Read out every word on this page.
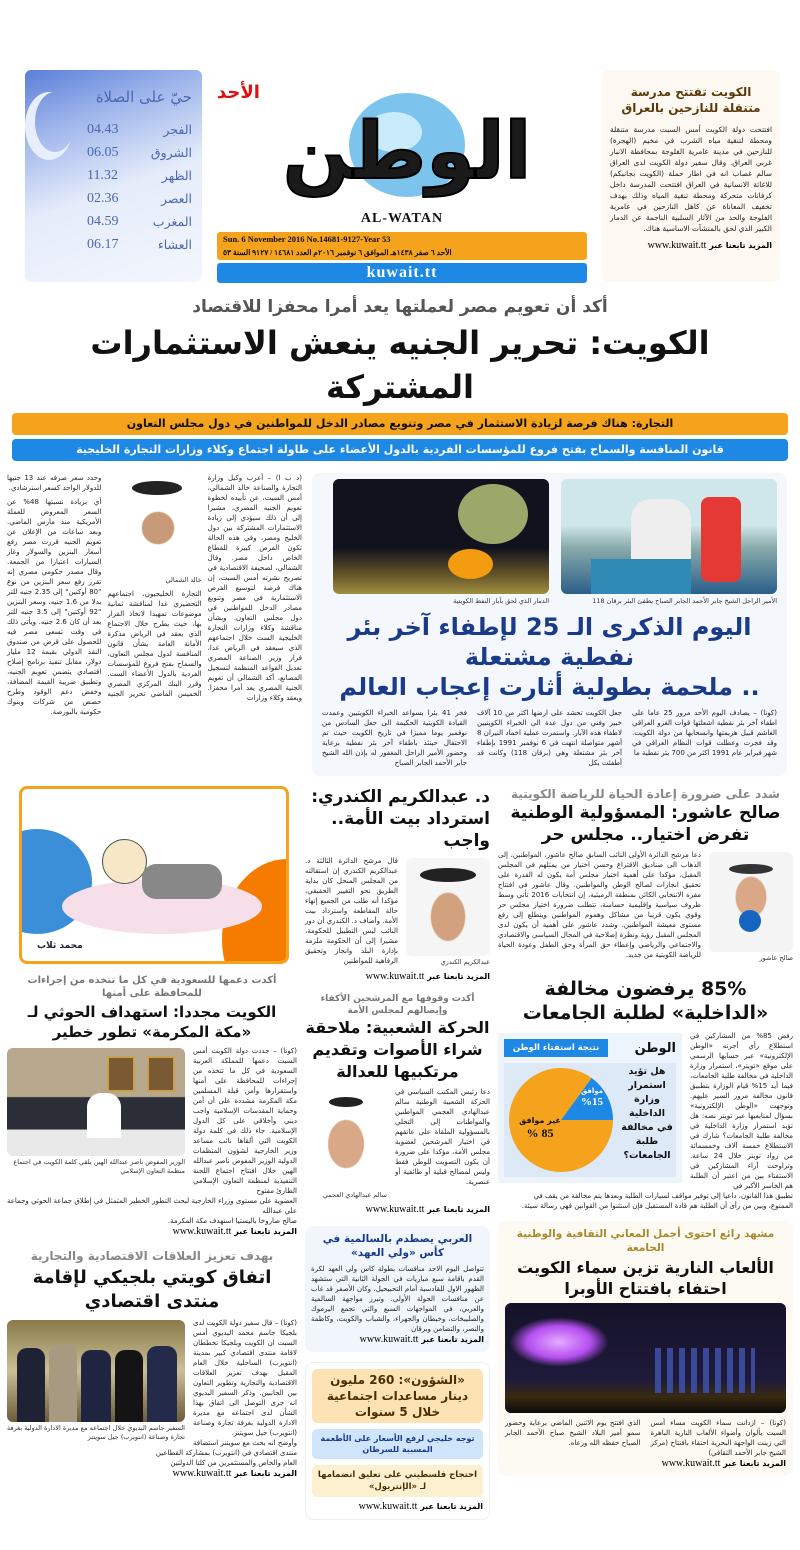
حيّ على الصلاة
الفجر
04.43
الشروق
06.05
الظهر
11.32
العصر
02.36
المغرب
04.59
العشاء
06.17
الأحد
الوطن
AL-WATAN
Sun. 6 November 2016 No.14681-9127-Year 53
الأحد ٦ صفر ١٤٣٨هـ الموافق ٦ نوفمبر ٢٠١٦م العدد ١٤٦٨١ / ٩١٢٧ السنة ٥٣
kuwait.tt
الكويت تفتتح مدرسة متنقلة للنازحين بالعراق
افتتحت دولة الكويت أمس السبت مدرسة متنقلة ومحطة لتنقية مياه الشرب في مخيم (الهجرة) للنازحين في مدينة عامرية الفلوجة بمحافظة الانبار غربي العراق. وقال سفير دولة الكويت لدى العراق سالم غصاب انه في اطار حملة (الكويت بجانبكم) للاغاثة الانسانية في العراق افتتحت المدرسة داخل كرفانات متحركة ومحطة تنقية المياه وذلك بهدف تخفيف المعاناة عن كاهل النازحين في عامرية الفلوجة والحد من الآثار السلبية الناجمة عن الدمار الكبير الذي لحق بالمنشآت الاساسية هناك.
المزيد تابعنا عبر www.kuwait.tt
أكد أن تعويم مصر لعملتها يعد أمرا محفزا للاقتصاد
الكويت: تحرير الجنيه ينعش الاستثمارات المشتركة
التجارة: هناك فرصة لزيادة الاستثمار في مصر وتنويع مصادر الدخل للمواطنين في دول مجلس التعاون
قانون المنافسة والسماح بفتح فروع للمؤسسات الفردية بالدول الأعضاء على طاولة اجتماع وكلاء وزارات التجارة الخليجية
(د ب ا) – أعرب وكيل وزارة التجارة والصناعة خالد الشمالي، أمس السبت، عن تأييده لخطوة تعويم الجنيه المصري، مشيرا إلى أن ذلك سيؤدي إلى زيادة الاستثمارات المشتركة بين دول الخليج ومصر، وفي هذه الحالة تكون الفرص كبيرة للقطاع الخاص داخل مصر. وقال الشمالي، لصحيفة الاقتصادية في تصريح نشرته أمس السبت، إن هناك فرصة لتوسيع الفرص الاستثمارية في مصر وتنويع مصادر الدخل للمواطنين في دول مجلس التعاون. وبشأن مناقشة وكلاء وزارات التجارة الخليجية الست خلال اجتماعهم الذي سيعقد في الرياض غدا، قرار وزير الصناعة المصري تعديل القواعد المنظمة لتسجيل المصانع، أكد الشمالي أن تعويم الجنية المصري يعد أمرا محفزا. ويعقد وكلاء وزارات
خالد الشمالي
التجارة الخليجيون، اجتماعهم التحضيري غدا لمناقشة ثمانية موضوعات تمهيدا لاتخاذ القرار بها، حيث يطرح خلال الاجتماع الذي يعقد في الرياض مذكرة الأمانة العامة بشأن قانون المنافسة لدول مجلس التعاون، والسماح بفتح فروع للمؤسسات الفردية بالدول الأعضاء الست. وقرر البنك المركزي المصري الخميس الماضي تحرير الجنيه وحدد سعر صرفه عند 13 جنيها للدولار الواحد كسعر استرشادي.
أي بزيادة نسبتها 48% عن السعر المعروض للعملة الأمريكية منذ مارس الماضي. وبعد ساعات من الإعلان عن تعويم الجنيه قررت مصر رفع أسعار البنزين والسولار وغاز السيارات اعتبارا من الجمعة. وقال مصدر حكومي مصري إنه تقرر رفع سعر البنزين من نوع "80 أوكتين" إلى 2.35 جنيه للتر بدلا من 1.6 جنيه، وسعر البنزين "92 أوكتين" إلى 3.5 جنيه للتر بعد أن كان 2.6 جنيه. ويأتي ذلك في وقت تسعى مصر فيه للحصول على قرض من صندوق النقد الدولي بقيمة 12 مليار دولار، مقابل تنفيذ برنامج إصلاح اقتصادي يتضمن تعويم الجنيه، وتطبيق ضريبة القيمة المضافة، وخفض دعم الوقود وطرح حصص من شركات وبنوك حكومية بالبورصة.
الأمير الراحل الشيخ جابر الأحمد الجابر الصباح يطفئ البئر برقان 118
الدمار الذي لحق بآبار النفط الكويتية
اليوم الذكرى الـ 25 لإطفاء آخر بئر نفطية مشتعلة
.. ملحمة بطولية أثارت إعجاب العالم
(كونا) – يصادف اليوم الأحد مرور 25 عاما على اطفاء آخر بئر نفطية اشعلتها قوات الغزو العراقي الغاشم قبيل هزيمتها وانسحابها من دولة الكويت. وقد فجرت وعطلت قوات النظام العراقي في شهر فبراير عام 1991 اكثر من 700 بئر نفطية ما
جعل الكويت تحشد على ارضها اكثر من 10 آلاف خبير وفني من دول عدة الى الخبراء الكويتيين لاطفاء هذه الآبار. واستمرت عملية اخماد النيران 8 أشهر متواصلة انتهت في 6 نوفمبر 1991 بإطفاء آخر بئر مشتعلة وهي (برقان 118) وكانت قد أطفئت بكل
فخر 41 بئرا بسواعد الخبراء الكويتيين وعمدت القيادة الكويتية الحكيمة الى جعل السادس من نوفمبر يوما مميزا في تاريخ الكويت حيث تم الاحتفال حينئذ باطفاء آخر بئر نفطية برعاية وحضور الأمير الراحل المغفور له بإذن الله الشيخ جابر الأحمد الجابر الصباح
محمد ثلاب
أكدت دعمها للسعودية في كل ما تتخذه من إجراءات للمحافظة على أمنها
الكويت مجددا: استهداف الحوثي لـ «مكة المكرمة» تطور خطير
الوزير المفوض ناصر عبدالله الهين يلقي كلمة الكويت في اجتماع منظمة التعاون الإسلامي
(كونا) – جددت دولة الكويت أمس السبت دعمها للمملكة العربية السعودية في كل ما تتخذه من إجراءات للمحافظة على أمنها واستقرارها وأمن قبلة المسلمين مكة المكرمة مشددة على أن أمن وحماية المقدسات الإسلامية واجب ديني وأخلاقي على كل الدول الإسلامية. جاء ذلك في كلمة دولة الكويت التي ألقاها نائب مساعد وزير الخارجية لشؤون المنظمات الدولية الوزير المفوض ناصر عبدالله الهين خلال افتتاح اجتماع اللجنة التنفيذية لمنظمة التعاون الإسلامي الطارئ مفتوح
العضوية على مستوى وزراء الخارجية لبحث التطور الخطير المتمثل في إطلاق جماعة الحوثي وجماعة علي عبدالله
صالح صاروخا باليستيا استهدف مكة المكرمة.
المزيد تابعنا عبر www.kuwait.tt
بهدف تعزيز العلاقات الاقتصادية والتجارية
اتفاق كويتي بلجيكي لإقامة منتدى اقتصادي
السفير جاسم البديوي خلال اجتماعه مع مديرة الادارة الدولية بغرفة تجارة وصناعة (انتويرب) جيل سويتنز
(كونا) – قال سفير دولة الكويت لدى بلجيكا جاسم محمد البديوي أمس السبت ان الكويت وبلجيكا تخططان لاقامة منتدى اقتصادي كبير بمدينة (انتويرب) الساحلية خلال العام المقبل بهدف تعزيز العلاقات الاقتصادية والتجارية وتطوير التعاون بين الجانبين. وذكر السفير البديوي انه جرى التوصل الى اتفاق بهذا الشأن لدى اجتماعه مع مديرة الادارة الدولية بغرفة تجارة وصناعة (انتويرب) جيل سويتنز.
وأوضح انه بحث مع سويتنز استضافة منتدى اقتصادي في (انتويرب) بمشاركة القطاعين
العام والخاص والمستثمرين من كلتا الدولتين
المزيد تابعنا عبر www.kuwait.tt
د. عبدالكريم الكندري:
استرداد بيت الأمة.. واجب
عبدالكريم الكندري
قال مرشح الدائرة الثالثة د. عبدالكريم الكندري إن استقالته من المجلس المنحل كان بداية الطريق نحو التغيير الحقيقي، مؤكدا أنه طلب من الجميع إنهاء حالة المقاطعة واسترداد بيت الأمة. وأضاف د. الكندري أن دور النائب ليس التطبيل للحكومة، مشيرا إلى أن الحكومة ملزمة بإدارة البلد وانجاز وتحقيق الرفاهية للمواطنين
المزيد تابعنا عبر www.kuwait.tt
أكدت وقوفها مع المرشحين الأكفاء وإيصالهم لمجلس الأمة
الحركة الشعبية: ملاحقة شراء الأصوات وتقديم مرتكبيها للعدالة
سالم عبدالهادي العجمي
دعا رئيس المكتب السياسي في الحركة الشعبية الوطنية سالم عبدالهادي العجمي المواطنين والمواطنات إلى التحلي بالمسؤولية الملقاة على عاتقهم في اختيار المرشحين لعضوية مجلس الأمة، مؤكدا على ضرورة أن يكون التصويت للوطن فقط وليس لمصالح قبلية أو طائفية أو عنصرية.
المزيد تابعنا عبر www.kuwait.tt
العربي يصطدم بالسالمية في كأس «ولي العهد»
تتواصل اليوم الاحد منافسات بطولة كاس ولي العهد لكرة القدم باقامة سبع مباريات في الجولة الثانية التي ستشهد الظهور الاول للقادسية أمام التحبيحيل، وكان الأصفر قد غاب عن منافسات الجولة الأولى. وتبرز مواجهة السالمية والعربي، في المواجهات السبع والتي تجمع اليرموك والصليبخات، وخيطان والجهراء، والشباب والكويت، وكاظمة والنصر، والتضامن وبرقان
المزيد تابعنا عبر www.kuwait.tt
«الشؤون»: 260 مليون دينار مساعدات اجتماعية خلال 5 سنوات
توجه خليجي لرفع الأسعار على الأطعمة المسببة للسرطان
احتجاج فلسطيني على تعليق انضمامها لـ «الإنتربول»
المزيد تابعنا عبر www.kuwait.tt
شدد على ضرورة إعادة الحياة للرياضة الكويتية
صالح عاشور: المسؤولية الوطنية تفرض اختيار.. مجلس حر
صالح عاشور
دعا مرشح الدائرة الأولى النائب السابق صالح عاشور، المواطنين، إلى الذهاب الى صناديق الاقتراع وحسن اختيار من يمثلهم في المجلس المقبل، مؤكدا على أهمية اختيار مجلس أمة يكون له القدرة على تحقيق انجازات لصالح الوطن والمواطنين. وقال عاشور في افتتاح مقره الانتخابي الكائن بمنطقة الرميثية، إن انتخابات 2016 تأتي وسط ظروف سياسية وإقليمية حساسة، تتطلب ضرورة اختيار مجلس حر وقوي يكون قريبا من مشاكل وهموم المواطنين ويتطلع إلى رفع مستوى معيشة المواطنين. وشدد عاشور على أهمية أن يكون لدى المجلس المقبل رؤية ونظرة إصلاحية في المجال السياسي والاقتصادي والاجتماعي والرياضي وإعطاء حق المرأة وحق الطفل وعودة الحياة للرياضة الكويتية من جديد.
85% يرفضون مخالفة «الداخلية» لطلبة الجامعات
نتيجة استفتاء الوطن	الوطن
غير موافق
% 85
موافق
%15
هل تؤيد استمرار وزارة الداخلية في مخالفة طلبة الجامعات؟
رفض 85% من المشاركين في استطلاع رأي أجرته «الوطن الإلكترونية» عبر حسابها الرسمي على موقع «تويتر»، استمرار وزارة الداخلية في مخالفة طلبة الجامعات، فيما أيد 15% قيام الوزارة بتطبيق قانون مخالفة مرور السير عليهم. وتوجهت «الوطن الإلكترونية» بسؤال لمتابعيها عبر تويتر نصه: هل تؤيد استمرار وزارة الداخلية في مخالفة طلبة الجامعات؟ شارك في الاستطلاع خمسة آلاف وخمسمائة من رواد تويتر خلال 24 ساعة. وتراوحت آراء المشاركين في الاستفتاء بين من اعتبر أن الطلبة هم الخاسر الأكبر في
تطبيق هذا القانون، داعيا إلى توفير مواقف لسيارات الطلبة وبعدها يتم مخالفة من يقف في
الممنوع، وبين من رأى أن الطلبة هم قادة المستقبل فإن استثنوا من القوانين فهي رسالة سيئة.
مشهد رائع احتوى أجمل المعاني الثقافية والوطنية الجامعة
الألعاب النارية تزين سماء الكويت احتفاء بافتتاح الأوبرا
(كونا) – ازدانت سماء الكويت مساء أمس السبت بألوان وأضواء الألعاب النارية الباهرة التي زينت الواجهة البحرية احتفاء بافتتاح (مركز الشيخ جابر الأحمد الثقافي)
الذي افتتح يوم الاثنين الماضي برعاية وحضور سمو أمير البلاد الشيخ صباح الأحمد الجابر الصباح حفظه الله ورعاه.
المزيد تابعنا عبر www.kuwait.tt
